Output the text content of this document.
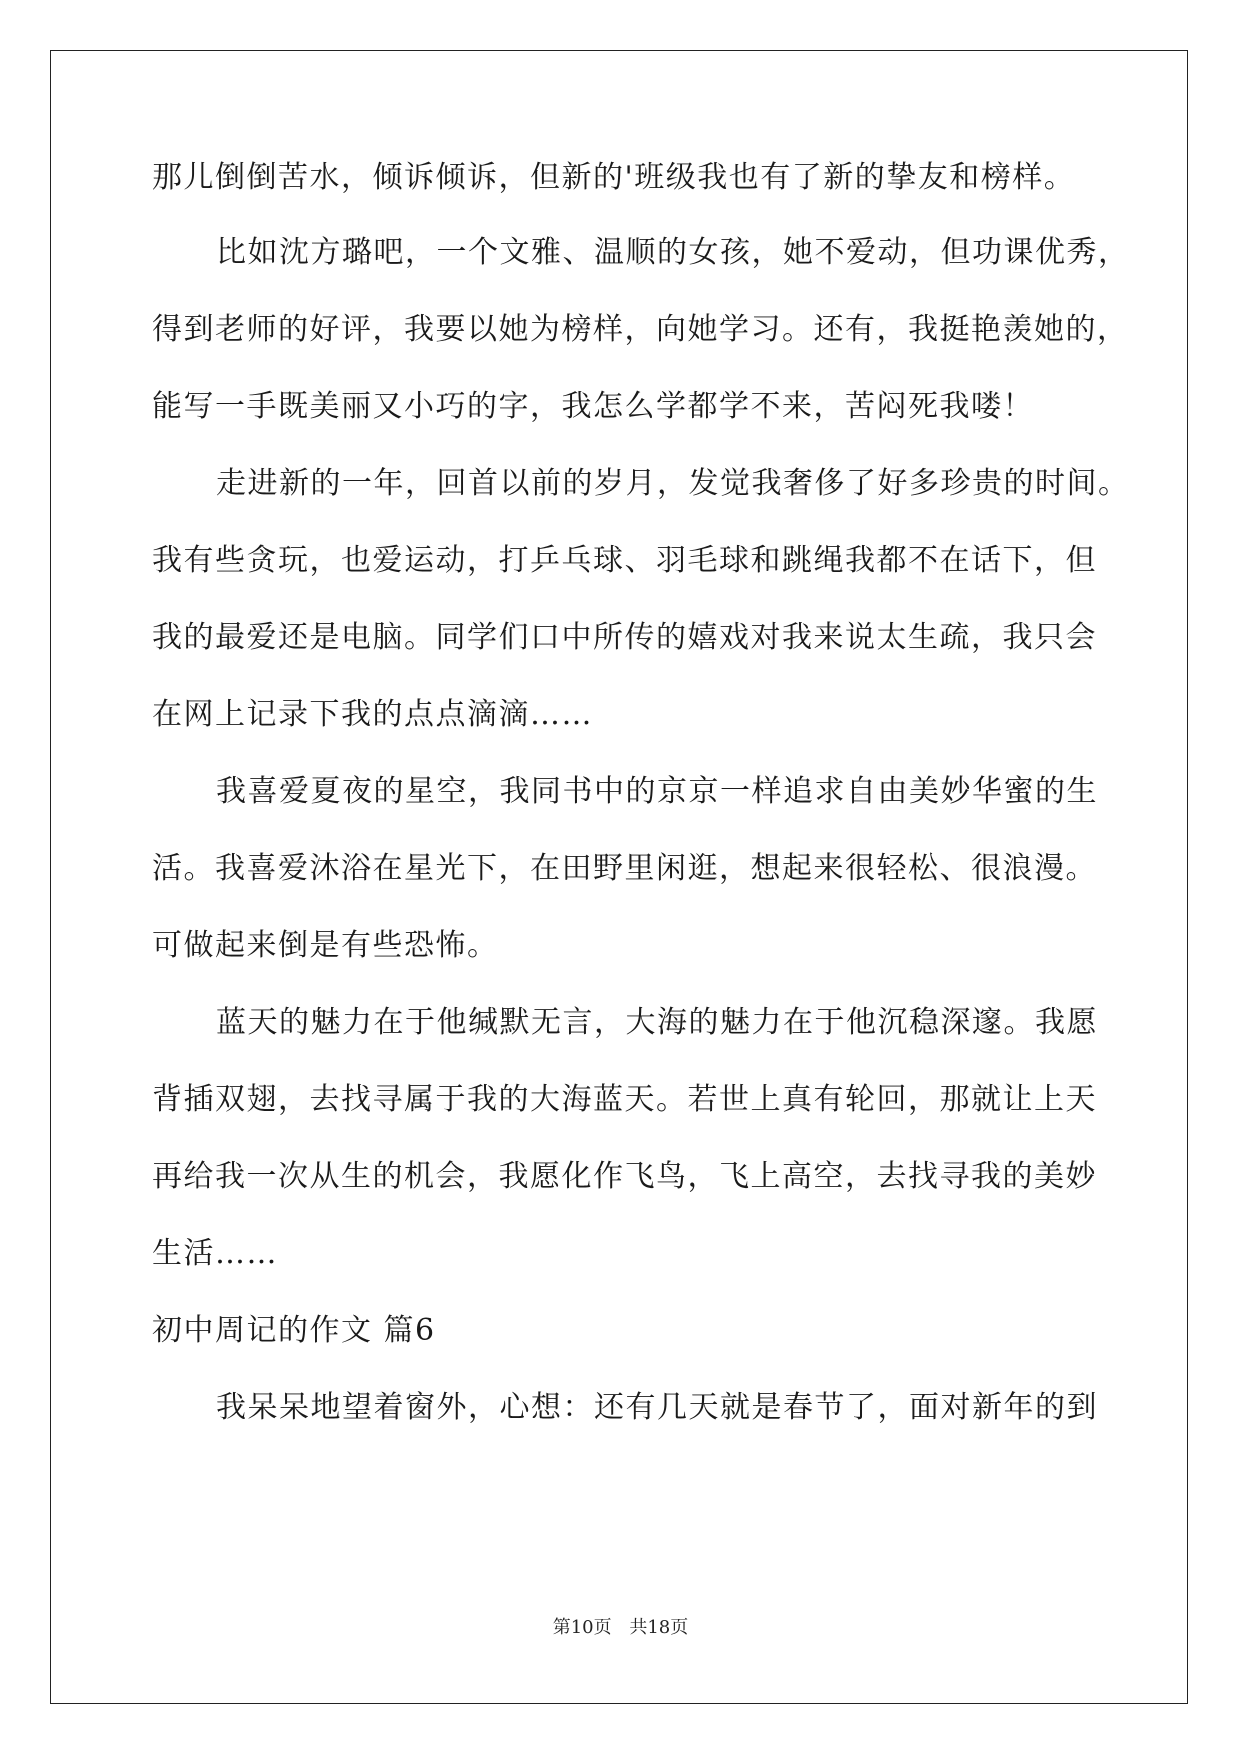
那儿倒倒苦水，倾诉倾诉，但新的'班级我也有了新的挚友和榜样。
比如沈方璐吧，一个文雅、温顺的女孩，她不爱动，但功课优秀，
得到老师的好评，我要以她为榜样，向她学习。还有，我挺艳羡她的，
能写一手既美丽又小巧的字，我怎么学都学不来，苦闷死我喽！
走进新的一年，回首以前的岁月，发觉我奢侈了好多珍贵的时间。
我有些贪玩，也爱运动，打乒乓球、羽毛球和跳绳我都不在话下，但
我的最爱还是电脑。同学们口中所传的嬉戏对我来说太生疏，我只会
在网上记录下我的点点滴滴……
我喜爱夏夜的星空，我同书中的京京一样追求自由美妙华蜜的生
活。我喜爱沐浴在星光下，在田野里闲逛，想起来很轻松、很浪漫。
可做起来倒是有些恐怖。
蓝天的魅力在于他缄默无言，大海的魅力在于他沉稳深邃。我愿
背插双翅，去找寻属于我的大海蓝天。若世上真有轮回，那就让上天
再给我一次从生的机会，我愿化作飞鸟，飞上高空，去找寻我的美妙
生活……
初中周记的作文 篇6
我呆呆地望着窗外，心想：还有几天就是春节了，面对新年的到
第10页 共18页
